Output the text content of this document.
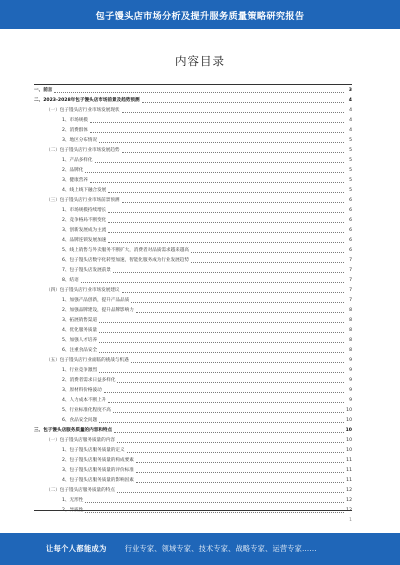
包子馒头店市场分析及提升服务质量策略研究报告
内容目录
一、前言	3
二、2023-2028年包子馒头店市场前景及趋势预测	4
（一）包子馒头店行业市场发展现状	4
1、市场规模	4
2、消费群体	4
3、地区分布情况	5
（二）包子馒头店行业市场发展趋势	5
1、产品多样化	5
2、品牌化	5
3、健康营养	5
4、线上线下融合发展	5
（三）包子馒头店行业市场前景预测	6
1、市场规模持续增长	6
2、竞争格局不断变化	6
3、创新发展成为主流	6
4、品牌连锁发展加速	6
5、线上销售与外卖服务不断扩大，消费者对品质需求越来越高	6
6、包子馒头店数字化转型加速，智能化服务成为行业发展趋势	7
7、包子馒头店发展前景	7
8、结语	7
（四）包子馒头店行业市场发展建议	7
1、加强产品创新，提升产品品质	7
2、加强品牌建设，提升品牌影响力	8
3、拓展销售渠道	8
4、优化服务质量	8
5、加强人才培养	8
6、注重食品安全	8
（五）包子馒头店行业面临的挑战与机遇	9
1、行业竞争激烈	9
2、消费者需求日益多样化	9
3、原材料价格波动	9
4、人力成本不断上升	9
5、行业标准化程度不高	10
6、食品安全问题	10
三、包子馒头店服务质量的内容和特点	10
（一）包子馒头店服务质量的内容	10
1、包子馒头店服务质量的定义	10
2、包子馒头店服务质量的构成要素	11
3、包子馒头店服务质量的评价标准	11
4、包子馒头店服务质量的影响因素	11
（二）包子馒头店服务质量的特点	12
1、无形性	12
1
让每个人都能成为	行业专家、领域专家、技术专家、战略专家、运营专家……
